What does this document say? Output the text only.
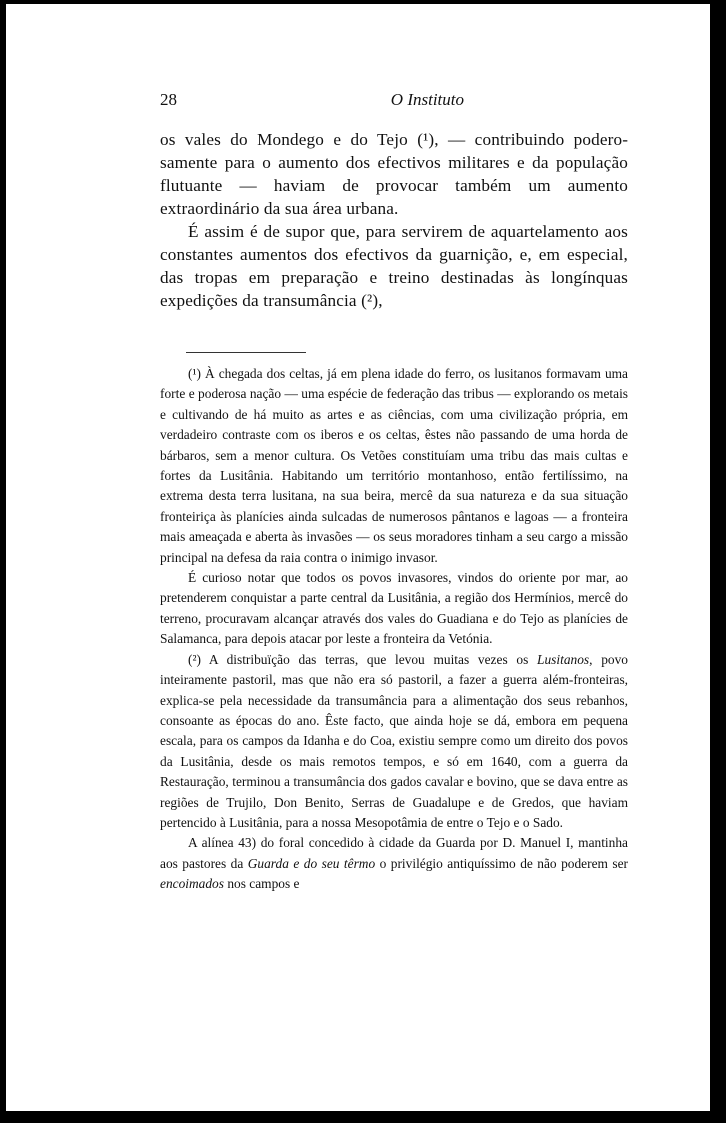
28	O Instituto

os vales do Mondego e do Tejo (¹), — contribuindo poderosamente para o aumento dos efectivos militares e da população flutuante — haviam de provocar também um aumento extraordinário da sua área urbana.

É assim é de supor que, para servirem de aquartelamento aos constantes aumentos dos efectivos da guarnição, e, em especial, das tropas em preparação e treino destinadas às longínquas expedições da transumância (²),

(¹) À chegada dos celtas, já em plena idade do ferro, os lusitanos formavam uma forte e poderosa nação — uma espécie de federação das tribus — explorando os metais e cultivando de há muito as artes e as ciências, com uma civilização própria, em verdadeiro contraste com os iberos e os celtas, êstes não passando de uma horda de bárbaros, sem a menor cultura. Os Vetões constituíam uma tribu das mais cultas e fortes da Lusitânia. Habitando um território montanhoso, então fertilíssimo, na extrema desta terra lusitana, na sua beira, mercê da sua natureza e da sua situação fronteiriça às planícies ainda sulcadas de numerosos pântanos e lagoas — a fronteira mais ameaçada e aberta às invasões — os seus moradores tinham a seu cargo a missão principal na defesa da raia contra o inimigo invasor.

É curioso notar que todos os povos invasores, vindos do oriente por mar, ao pretenderem conquistar a parte central da Lusitânia, a região dos Hermínios, mercê do terreno, procuravam alcançar através dos vales do Guadiana e do Tejo as planícies de Salamanca, para depois atacar por leste a fronteira da Vetónia.

(²) A distribuïção das terras, que levou muitas vezes os Lusitanos, povo inteiramente pastoril, mas que não era só pastoril, a fazer a guerra além-fronteiras, explica-se pela necessidade da transumância para a alimentação dos seus rebanhos, consoante as épocas do ano. Êste facto, que ainda hoje se dá, embora em pequena escala, para os campos da Idanha e do Coa, existiu sempre como um direito dos povos da Lusitânia, desde os mais remotos tempos, e só em 1640, com a guerra da Restauração, terminou a transumância dos gados cavalar e bovino, que se dava entre as regiões de Trujilo, Don Benito, Serras de Guadalupe e de Gredos, que haviam pertencido à Lusitânia, para a nossa Mesopotâmia de entre o Tejo e o Sado.

A alínea 43) do foral concedido à cidade da Guarda por D. Manuel I, mantinha aos pastores da Guarda e do seu têrmo o privilégio antiquíssimo de não poderem ser encoimados nos campos e
